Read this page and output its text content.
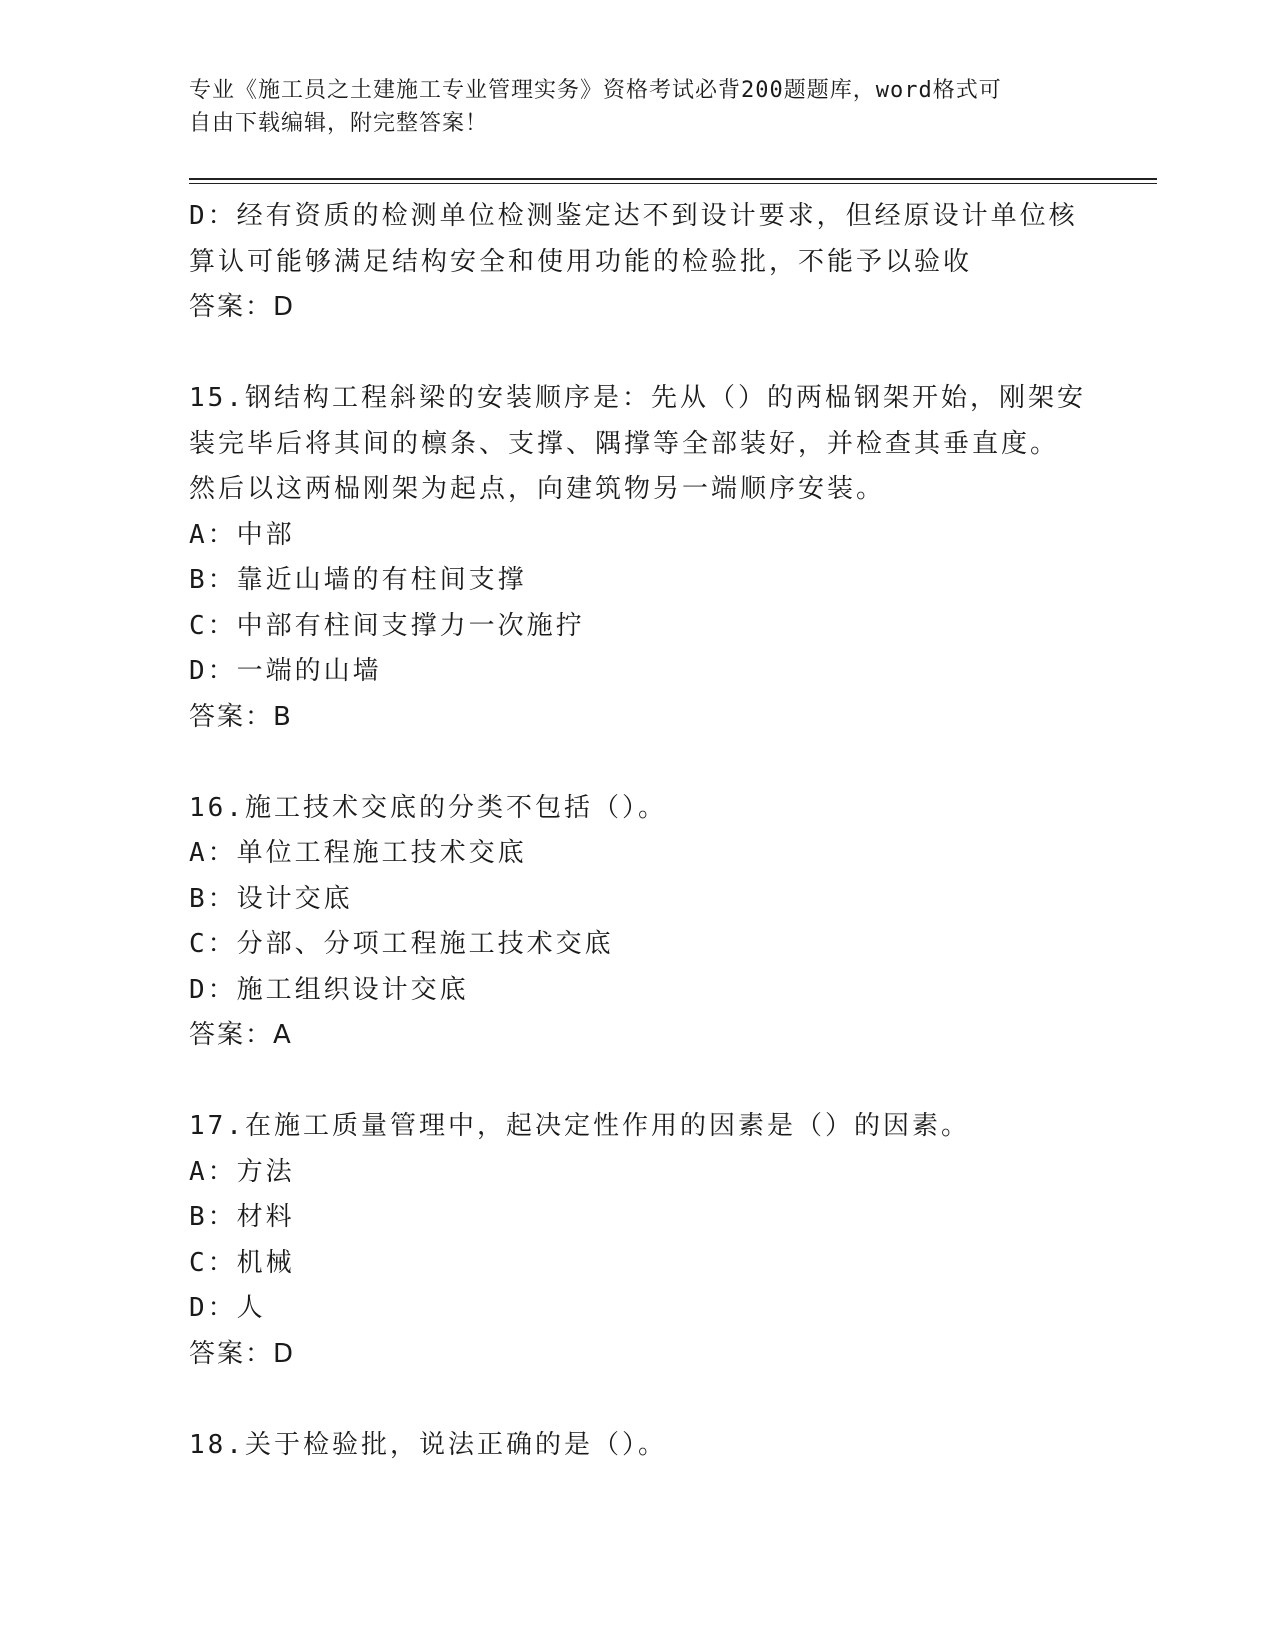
专业《施工员之土建施工专业管理实务》资格考试必背200题题库，word格式可
自由下载编辑，附完整答案！
D：经有资质的检测单位检测鉴定达不到设计要求，但经原设计单位核
算认可能够满足结构安全和使用功能的检验批，不能予以验收
答案：D
15.钢结构工程斜梁的安装顺序是：先从（）的两榀钢架开始，刚架安
装完毕后将其间的檩条、支撑、隅撑等全部装好，并检查其垂直度。
然后以这两榀刚架为起点，向建筑物另一端顺序安装。
A：中部
B：靠近山墙的有柱间支撑
C：中部有柱间支撑力一次施拧
D：一端的山墙
答案：B
16.施工技术交底的分类不包括（）。
A：单位工程施工技术交底
B：设计交底
C：分部、分项工程施工技术交底
D：施工组织设计交底
答案：A
17.在施工质量管理中，起决定性作用的因素是（）的因素。
A：方法
B：材料
C：机械
D：人
答案：D
18.关于检验批，说法正确的是（）。
